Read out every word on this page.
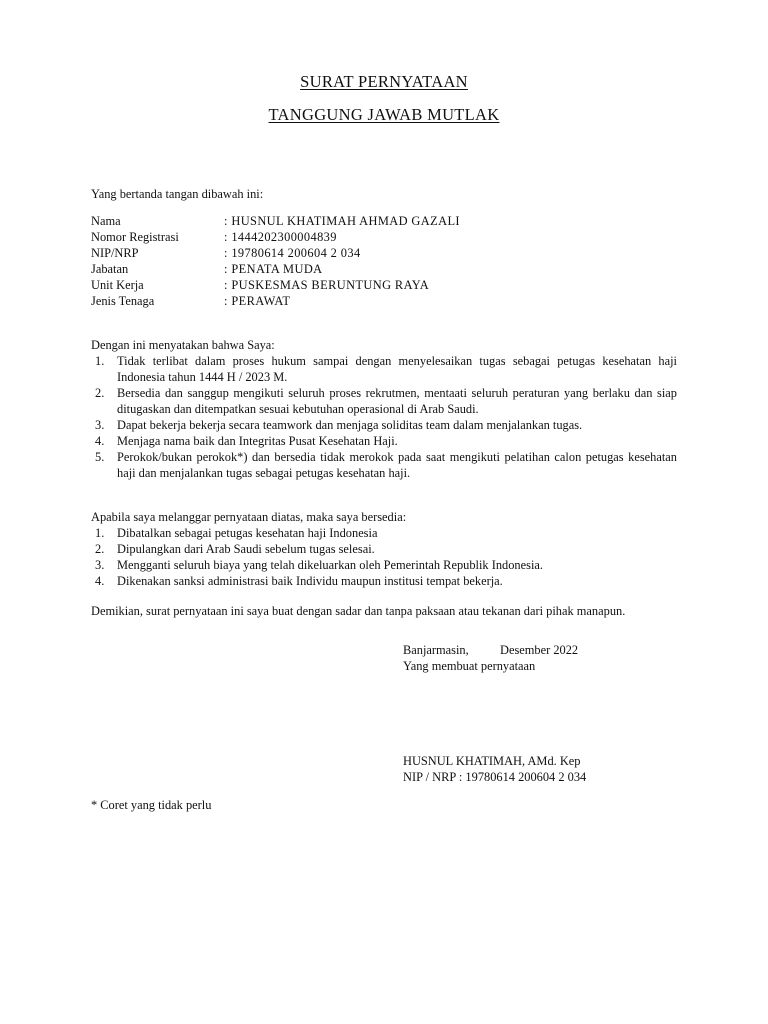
SURAT PERNYATAAN
TANGGUNG JAWAB MUTLAK
Yang bertanda tangan dibawah ini:
Nama	: HUSNUL KHATIMAH AHMAD GAZALI
Nomor Registrasi	: 1444202300004839
NIP/NRP	: 19780614 200604 2 034
Jabatan	: PENATA MUDA
Unit Kerja	: PUSKESMAS BERUNTUNG RAYA
Jenis Tenaga	: PERAWAT
Dengan ini menyatakan bahwa Saya:
1. Tidak terlibat dalam proses hukum sampai dengan menyelesaikan tugas sebagai petugas kesehatan haji Indonesia tahun 1444 H / 2023 M.
2. Bersedia dan sanggup mengikuti seluruh proses rekrutmen, mentaati seluruh peraturan yang berlaku dan siap ditugaskan dan ditempatkan sesuai kebutuhan operasional di Arab Saudi.
3. Dapat bekerja bekerja secara teamwork dan menjaga soliditas team dalam menjalankan tugas.
4. Menjaga nama baik dan Integritas Pusat Kesehatan Haji.
5. Perokok/bukan perokok*) dan bersedia tidak merokok pada saat mengikuti pelatihan calon petugas kesehatan haji dan menjalankan tugas sebagai petugas kesehatan haji.
Apabila saya melanggar pernyataan diatas, maka saya bersedia:
1. Dibatalkan sebagai petugas kesehatan haji Indonesia
2. Dipulangkan dari Arab Saudi sebelum tugas selesai.
3. Mengganti seluruh biaya yang telah dikeluarkan oleh Pemerintah Republik Indonesia.
4. Dikenakan sanksi administrasi baik Individu maupun institusi tempat bekerja.
Demikian, surat pernyataan ini saya buat dengan sadar dan tanpa paksaan atau tekanan dari pihak manapun.
Banjarmasin,	Desember 2022
Yang membuat pernyataan
HUSNUL KHATIMAH, AMd. Kep
NIP / NRP : 19780614 200604 2 034
* Coret yang tidak perlu
